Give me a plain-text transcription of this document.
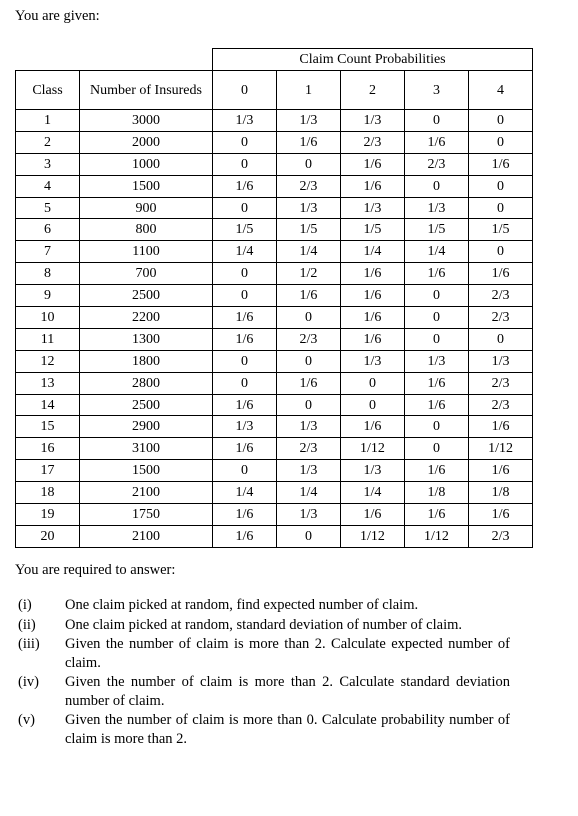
You are given:
		Claim Count Probabilities				
Class	Number of Insureds	0	1	2	3	4
1	3000	1/3	1/3	1/3	0	0
2	2000	0	1/6	2/3	1/6	0
3	1000	0	0	1/6	2/3	1/6
4	1500	1/6	2/3	1/6	0	0
5	900	0	1/3	1/3	1/3	0
6	800	1/5	1/5	1/5	1/5	1/5
7	1100	1/4	1/4	1/4	1/4	0
8	700	0	1/2	1/6	1/6	1/6
9	2500	0	1/6	1/6	0	2/3
10	2200	1/6	0	1/6	0	2/3
11	1300	1/6	2/3	1/6	0	0
12	1800	0	0	1/3	1/3	1/3
13	2800	0	1/6	0	1/6	2/3
14	2500	1/6	0	0	1/6	2/3
15	2900	1/3	1/3	1/6	0	1/6
16	3100	1/6	2/3	1/12	0	1/12
17	1500	0	1/3	1/3	1/6	1/6
18	2100	1/4	1/4	1/4	1/8	1/8
19	1750	1/6	1/3	1/6	1/6	1/6
20	2100	1/6	0	1/12	1/12	2/3
You are required to answer:
(i)	One claim picked at random, find expected number of claim.
(ii)	One claim picked at random, standard deviation of number of claim.
(iii)	Given the number of claim is more than 2. Calculate expected number of claim.
(iv)	Given the number of claim is more than 2. Calculate standard deviation number of claim.
(v)	Given the number of claim is more than 0. Calculate probability number of claim is more than 2.
